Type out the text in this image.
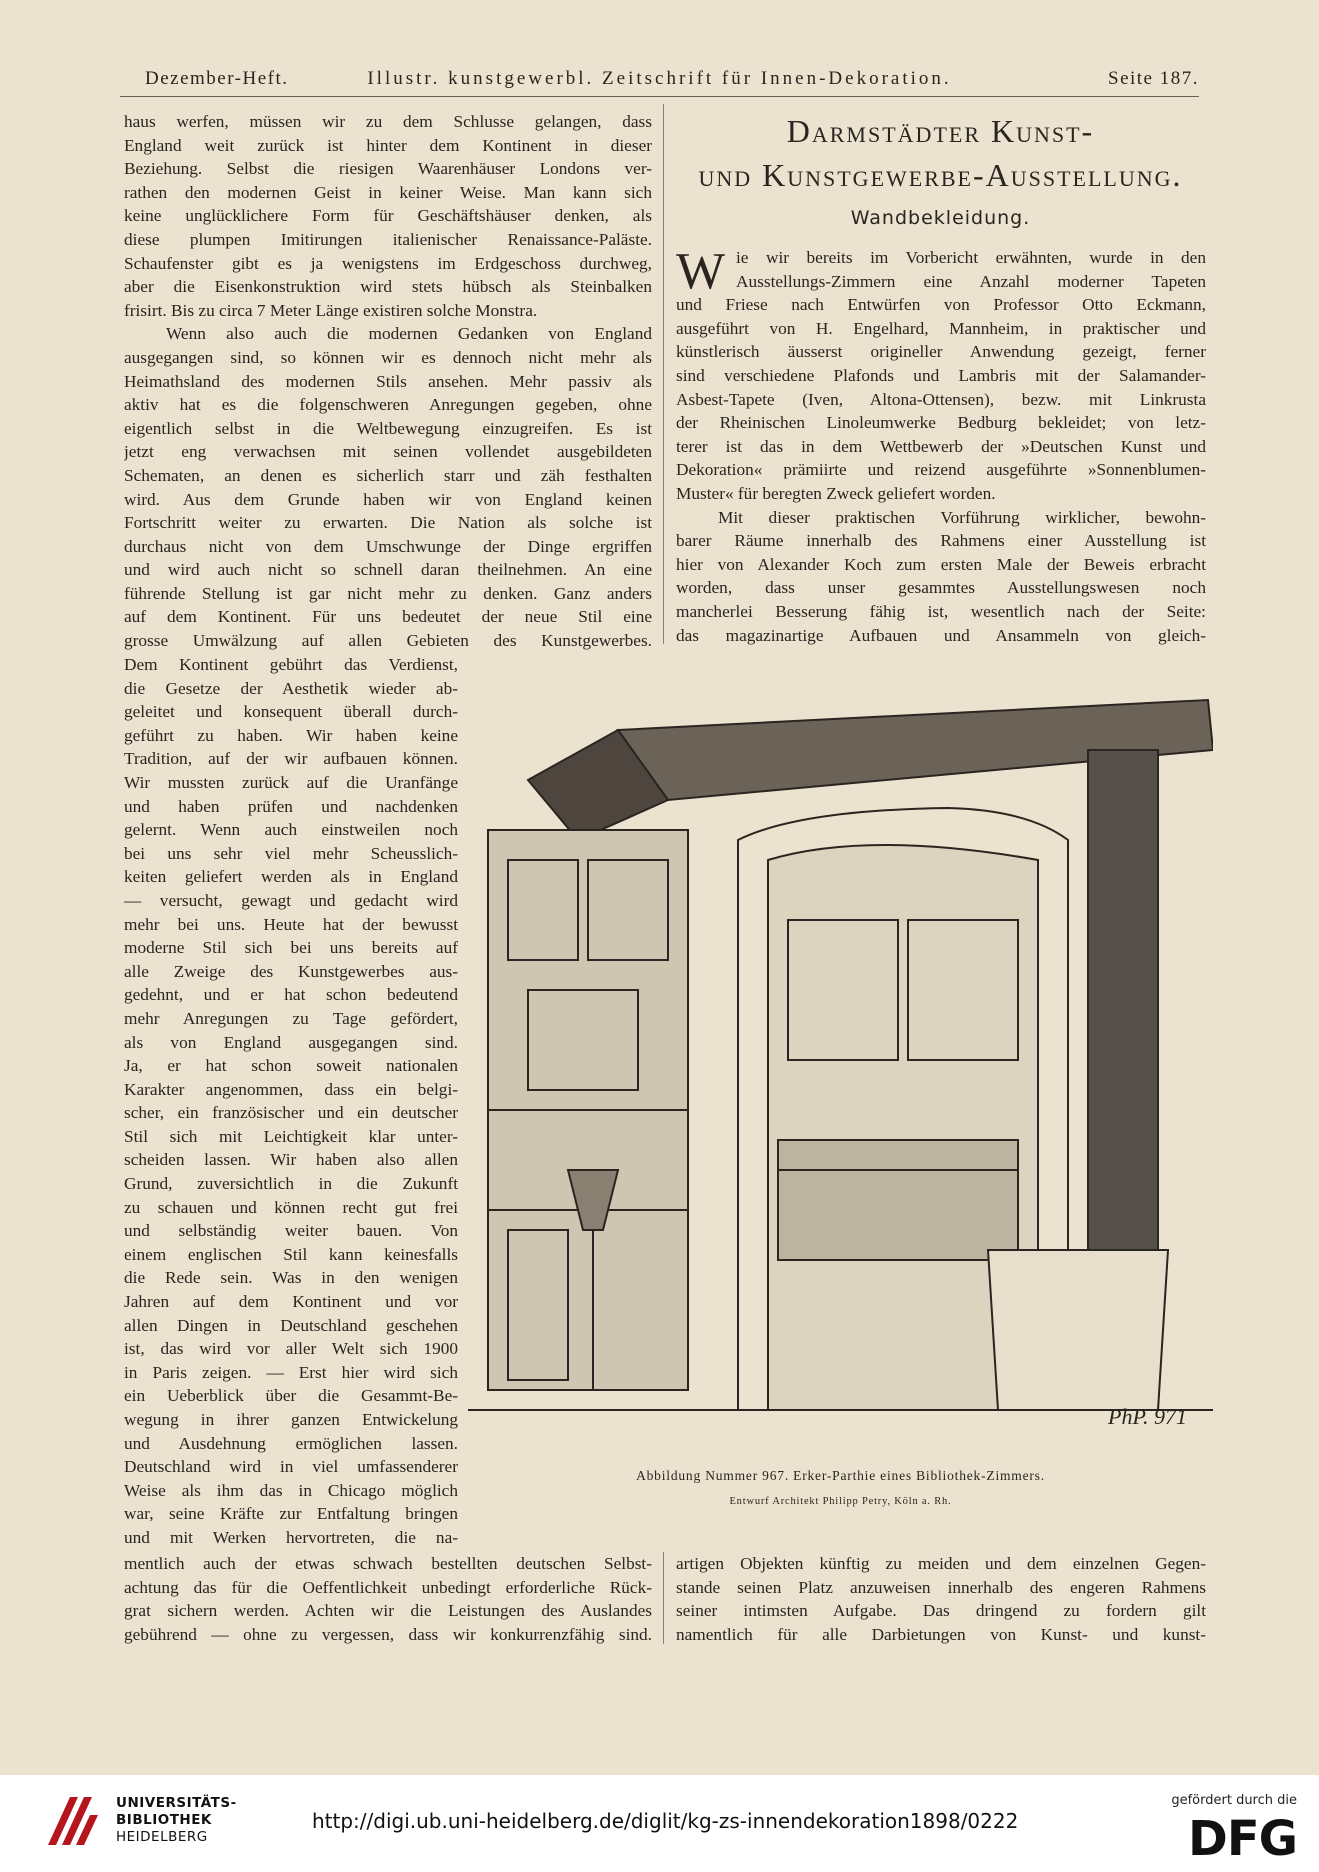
Dezember-Heft.	Illustr. kunstgewerbl. Zeitschrift für Innen-Dekoration.	Seite 187.
haus werfen, müssen wir zu dem Schlusse gelangen, dass
England weit zurück ist hinter dem Kontinent in dieser
Beziehung. Selbst die riesigen Waarenhäuser Londons ver-
rathen den modernen Geist in keiner Weise. Man kann sich
keine unglücklichere Form für Geschäftshäuser denken, als
diese plumpen Imitirungen italienischer Renaissance-Paläste.
Schaufenster gibt es ja wenigstens im Erdgeschoss durchweg,
aber die Eisenkonstruktion wird stets hübsch als Steinbalken
frisirt. Bis zu circa 7 Meter Länge existiren solche Monstra.
Wenn also auch die modernen Gedanken von England
ausgegangen sind, so können wir es dennoch nicht mehr als
Heimathsland des modernen Stils ansehen. Mehr passiv als
aktiv hat es die folgenschweren Anregungen gegeben, ohne
eigentlich selbst in die Weltbewegung einzugreifen. Es ist
jetzt eng verwachsen mit seinen vollendet ausgebildeten
Schematen, an denen es sicherlich starr und zäh festhalten
wird. Aus dem Grunde haben wir von England keinen
Fortschritt weiter zu erwarten. Die Nation als solche ist
durchaus nicht von dem Umschwunge der Dinge ergriffen
und wird auch nicht so schnell daran theilnehmen. An eine
führende Stellung ist gar nicht mehr zu denken. Ganz anders
auf dem Kontinent. Für uns bedeutet der neue Stil eine
grosse Umwälzung auf allen Gebieten des Kunstgewerbes.
Dem Kontinent gebührt das Verdienst,
die Gesetze der Aesthetik wieder ab-
geleitet und konsequent überall durch-
geführt zu haben. Wir haben keine
Tradition, auf der wir aufbauen können.
Wir mussten zurück auf die Uranfänge
und haben prüfen und nachdenken
gelernt. Wenn auch einstweilen noch
bei uns sehr viel mehr Scheusslich-
keiten geliefert werden als in England
— versucht, gewagt und gedacht wird
mehr bei uns. Heute hat der bewusst
moderne Stil sich bei uns bereits auf
alle Zweige des Kunstgewerbes aus-
gedehnt, und er hat schon bedeutend
mehr Anregungen zu Tage gefördert,
als von England ausgegangen sind.
Ja, er hat schon soweit nationalen
Karakter angenommen, dass ein belgi-
scher, ein französischer und ein deutscher
Stil sich mit Leichtigkeit klar unter-
scheiden lassen. Wir haben also allen
Grund, zuversichtlich in die Zukunft
zu schauen und können recht gut frei
und selbständig weiter bauen. Von
einem englischen Stil kann keinesfalls
die Rede sein. Was in den wenigen
Jahren auf dem Kontinent und vor
allen Dingen in Deutschland geschehen
ist, das wird vor aller Welt sich 1900
in Paris zeigen. — Erst hier wird sich
ein Ueberblick über die Gesammt-Be-
wegung in ihrer ganzen Entwickelung
und Ausdehnung ermöglichen lassen.
Deutschland wird in viel umfassenderer
Weise als ihm das in Chicago möglich
war, seine Kräfte zur Entfaltung bringen
und mit Werken hervortreten, die na-
mentlich auch der etwas schwach bestellten deutschen Selbst-
achtung das für die Oeffentlichkeit unbedingt erforderliche Rück-
grat sichern werden. Achten wir die Leistungen des Auslandes
gebührend — ohne zu vergessen, dass wir konkurrenzfähig sind.
Darmstädter Kunst-
und Kunstgewerbe-Ausstellung.
Wandbekleidung.
W ie wir bereits im Vorbericht erwähnten, wurde in den
Ausstellungs-Zimmern eine Anzahl moderner Tapeten
und Friese nach Entwürfen von Professor Otto Eckmann,
ausgeführt von H. Engelhard, Mannheim, in praktischer und
künstlerisch äusserst origineller Anwendung gezeigt, ferner
sind verschiedene Plafonds und Lambris mit der Salamander-
Asbest-Tapete (Iven, Altona-Ottensen), bezw. mit Linkrusta
der Rheinischen Linoleumwerke Bedburg bekleidet; von letz-
terer ist das in dem Wettbewerb der »Deutschen Kunst und
Dekoration« prämiirte und reizend ausgeführte »Sonnenblumen-
Muster« für beregten Zweck geliefert worden.
Mit dieser praktischen Vorführung wirklicher, bewohn-
barer Räume innerhalb des Rahmens einer Ausstellung ist
hier von Alexander Koch zum ersten Male der Beweis erbracht
worden, dass unser gesammtes Ausstellungswesen noch
mancherlei Besserung fähig ist, wesentlich nach der Seite:
das magazinartige Aufbauen und Ansammeln von gleich-
artigen Objekten künftig zu meiden und dem einzelnen Gegen-
stande seinen Platz anzuweisen innerhalb des engeren Rahmens
seiner intimsten Aufgabe. Das dringend zu fordern gilt
namentlich für alle Darbietungen von Kunst- und kunst-
PhP. 971
Abbildung Nummer 967. Erker-Parthie eines Bibliothek-Zimmers.
Entwurf Architekt Philipp Petry, Köln a. Rh.
UNIVERSITÄTS-
BIBLIOTHEK
HEIDELBERG
http://digi.ub.uni-heidelberg.de/diglit/kg-zs-innendekoration1898/0222
gefördert durch die
DFG
